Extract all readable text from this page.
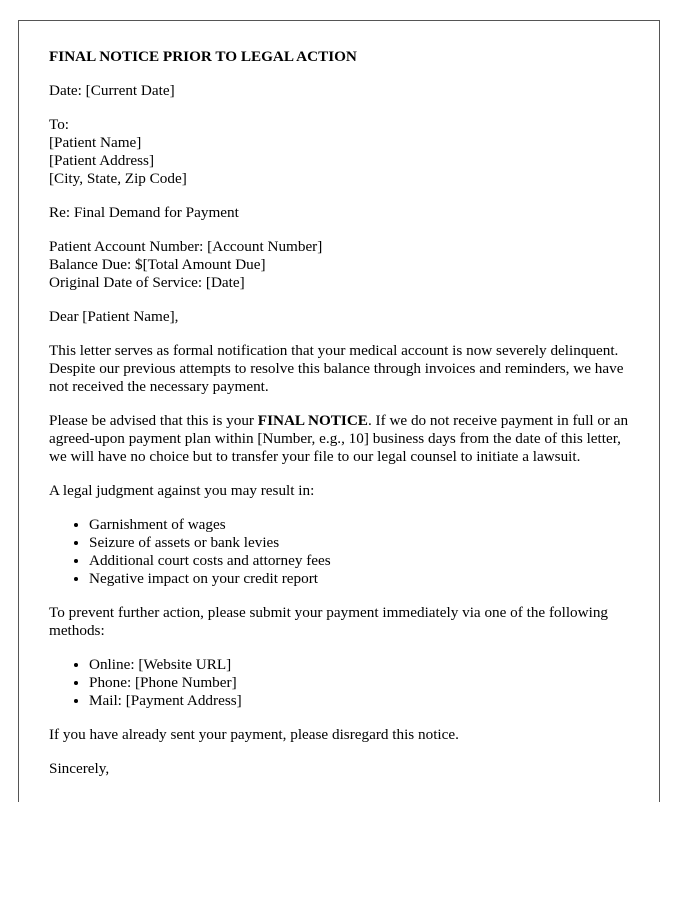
FINAL NOTICE PRIOR TO LEGAL ACTION

Date: [Current Date]

To:
[Patient Name]
[Patient Address]
[City, State, Zip Code]

Re: Final Demand for Payment

Patient Account Number: [Account Number]
Balance Due: $[Total Amount Due]
Original Date of Service: [Date]

Dear [Patient Name],

This letter serves as formal notification that your medical account is now severely delinquent. Despite our previous attempts to resolve this balance through invoices and reminders, we have not received the necessary payment.

Please be advised that this is your FINAL NOTICE. If we do not receive payment in full or an agreed-upon payment plan within [Number, e.g., 10] business days from the date of this letter, we will have no choice but to transfer your file to our legal counsel to initiate a lawsuit.

A legal judgment against you may result in:

• Garnishment of wages
• Seizure of assets or bank levies
• Additional court costs and attorney fees
• Negative impact on your credit report

To prevent further action, please submit your payment immediately via one of the following methods:

• Online: [Website URL]
• Phone: [Phone Number]
• Mail: [Payment Address]

If you have already sent your payment, please disregard this notice.

Sincerely,
